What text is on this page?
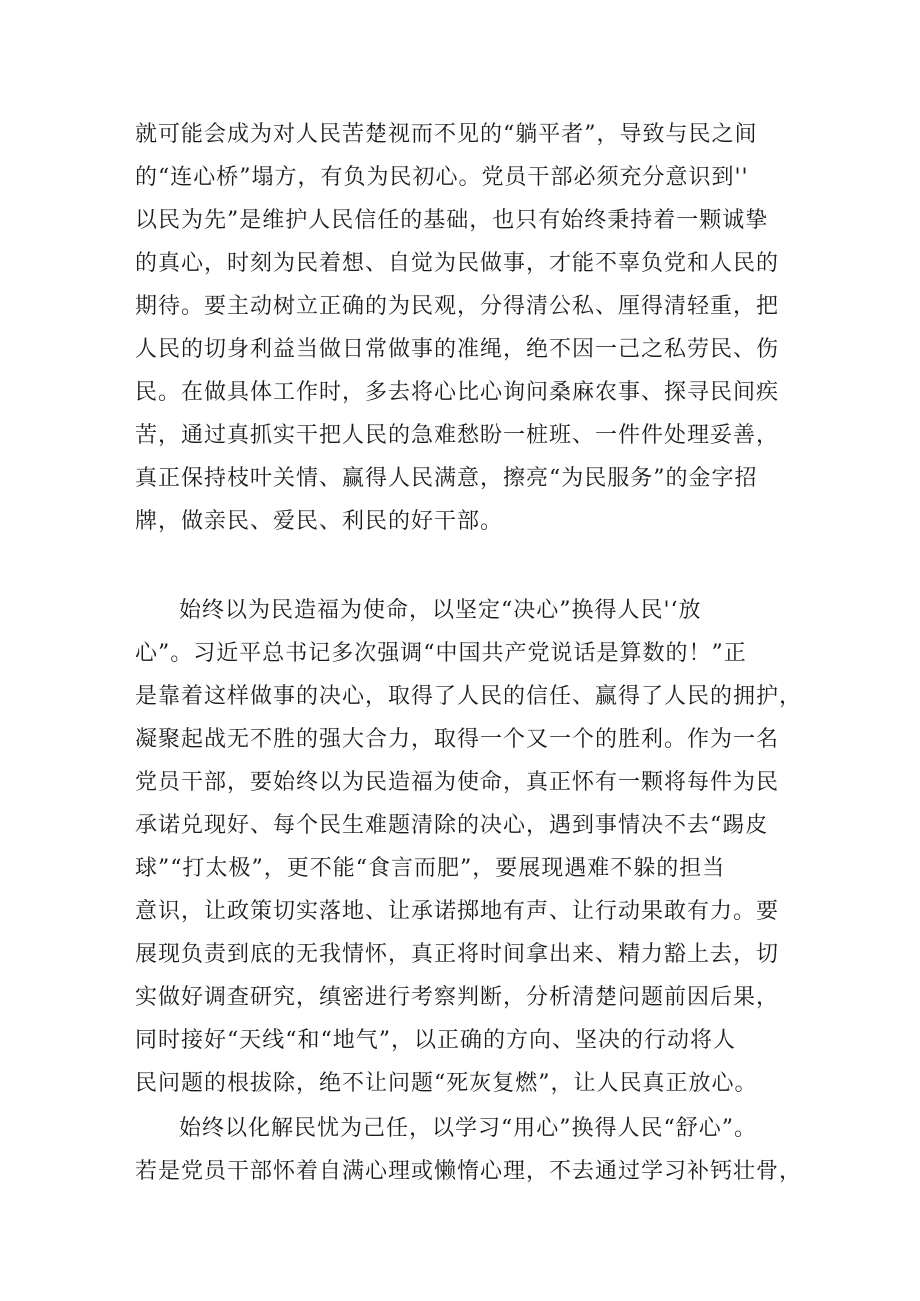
就可能会成为对人民苦楚视而不见的“躺平者”，导致与民之间
的“连心桥”塌方，有负为民初心。党员干部必须充分意识到''
以民为先”是维护人民信任的基础，也只有始终秉持着一颗诚挚
的真心，时刻为民着想、自觉为民做事，才能不辜负党和人民的
期待。要主动树立正确的为民观，分得清公私、厘得清轻重，把
人民的切身利益当做日常做事的准绳，绝不因一己之私劳民、伤
民。在做具体工作时，多去将心比心询问桑麻农事、探寻民间疾
苦，通过真抓实干把人民的急难愁盼一桩班、一件件处理妥善，
真正保持枝叶关情、赢得人民满意，擦亮“为民服务”的金字招
牌，做亲民、爱民、利民的好干部。
始终以为民造福为使命，以坚定“决心”换得人民'‘放
心”。习近平总书记多次强调“中国共产党说话是算数的！”正
是靠着这样做事的决心，取得了人民的信任、赢得了人民的拥护，
凝聚起战无不胜的强大合力，取得一个又一个的胜利。作为一名
党员干部，要始终以为民造福为使命，真正怀有一颗将每件为民
承诺兑现好、每个民生难题清除的决心，遇到事情决不去“踢皮
球”“打太极”，更不能“食言而肥”，要展现遇难不躲的担当
意识，让政策切实落地、让承诺掷地有声、让行动果敢有力。要
展现负责到底的无我情怀，真正将时间拿出来、精力豁上去，切
实做好调查研究，缜密进行考察判断，分析清楚问题前因后果，
同时接好“天线“和“地气”，以正确的方向、坚决的行动将人
民问题的根拔除，绝不让问题“死灰复燃”，让人民真正放心。
始终以化解民忧为己任，以学习“用心”换得人民“舒心”。
若是党员干部怀着自满心理或懒惰心理，不去通过学习补钙壮骨，
